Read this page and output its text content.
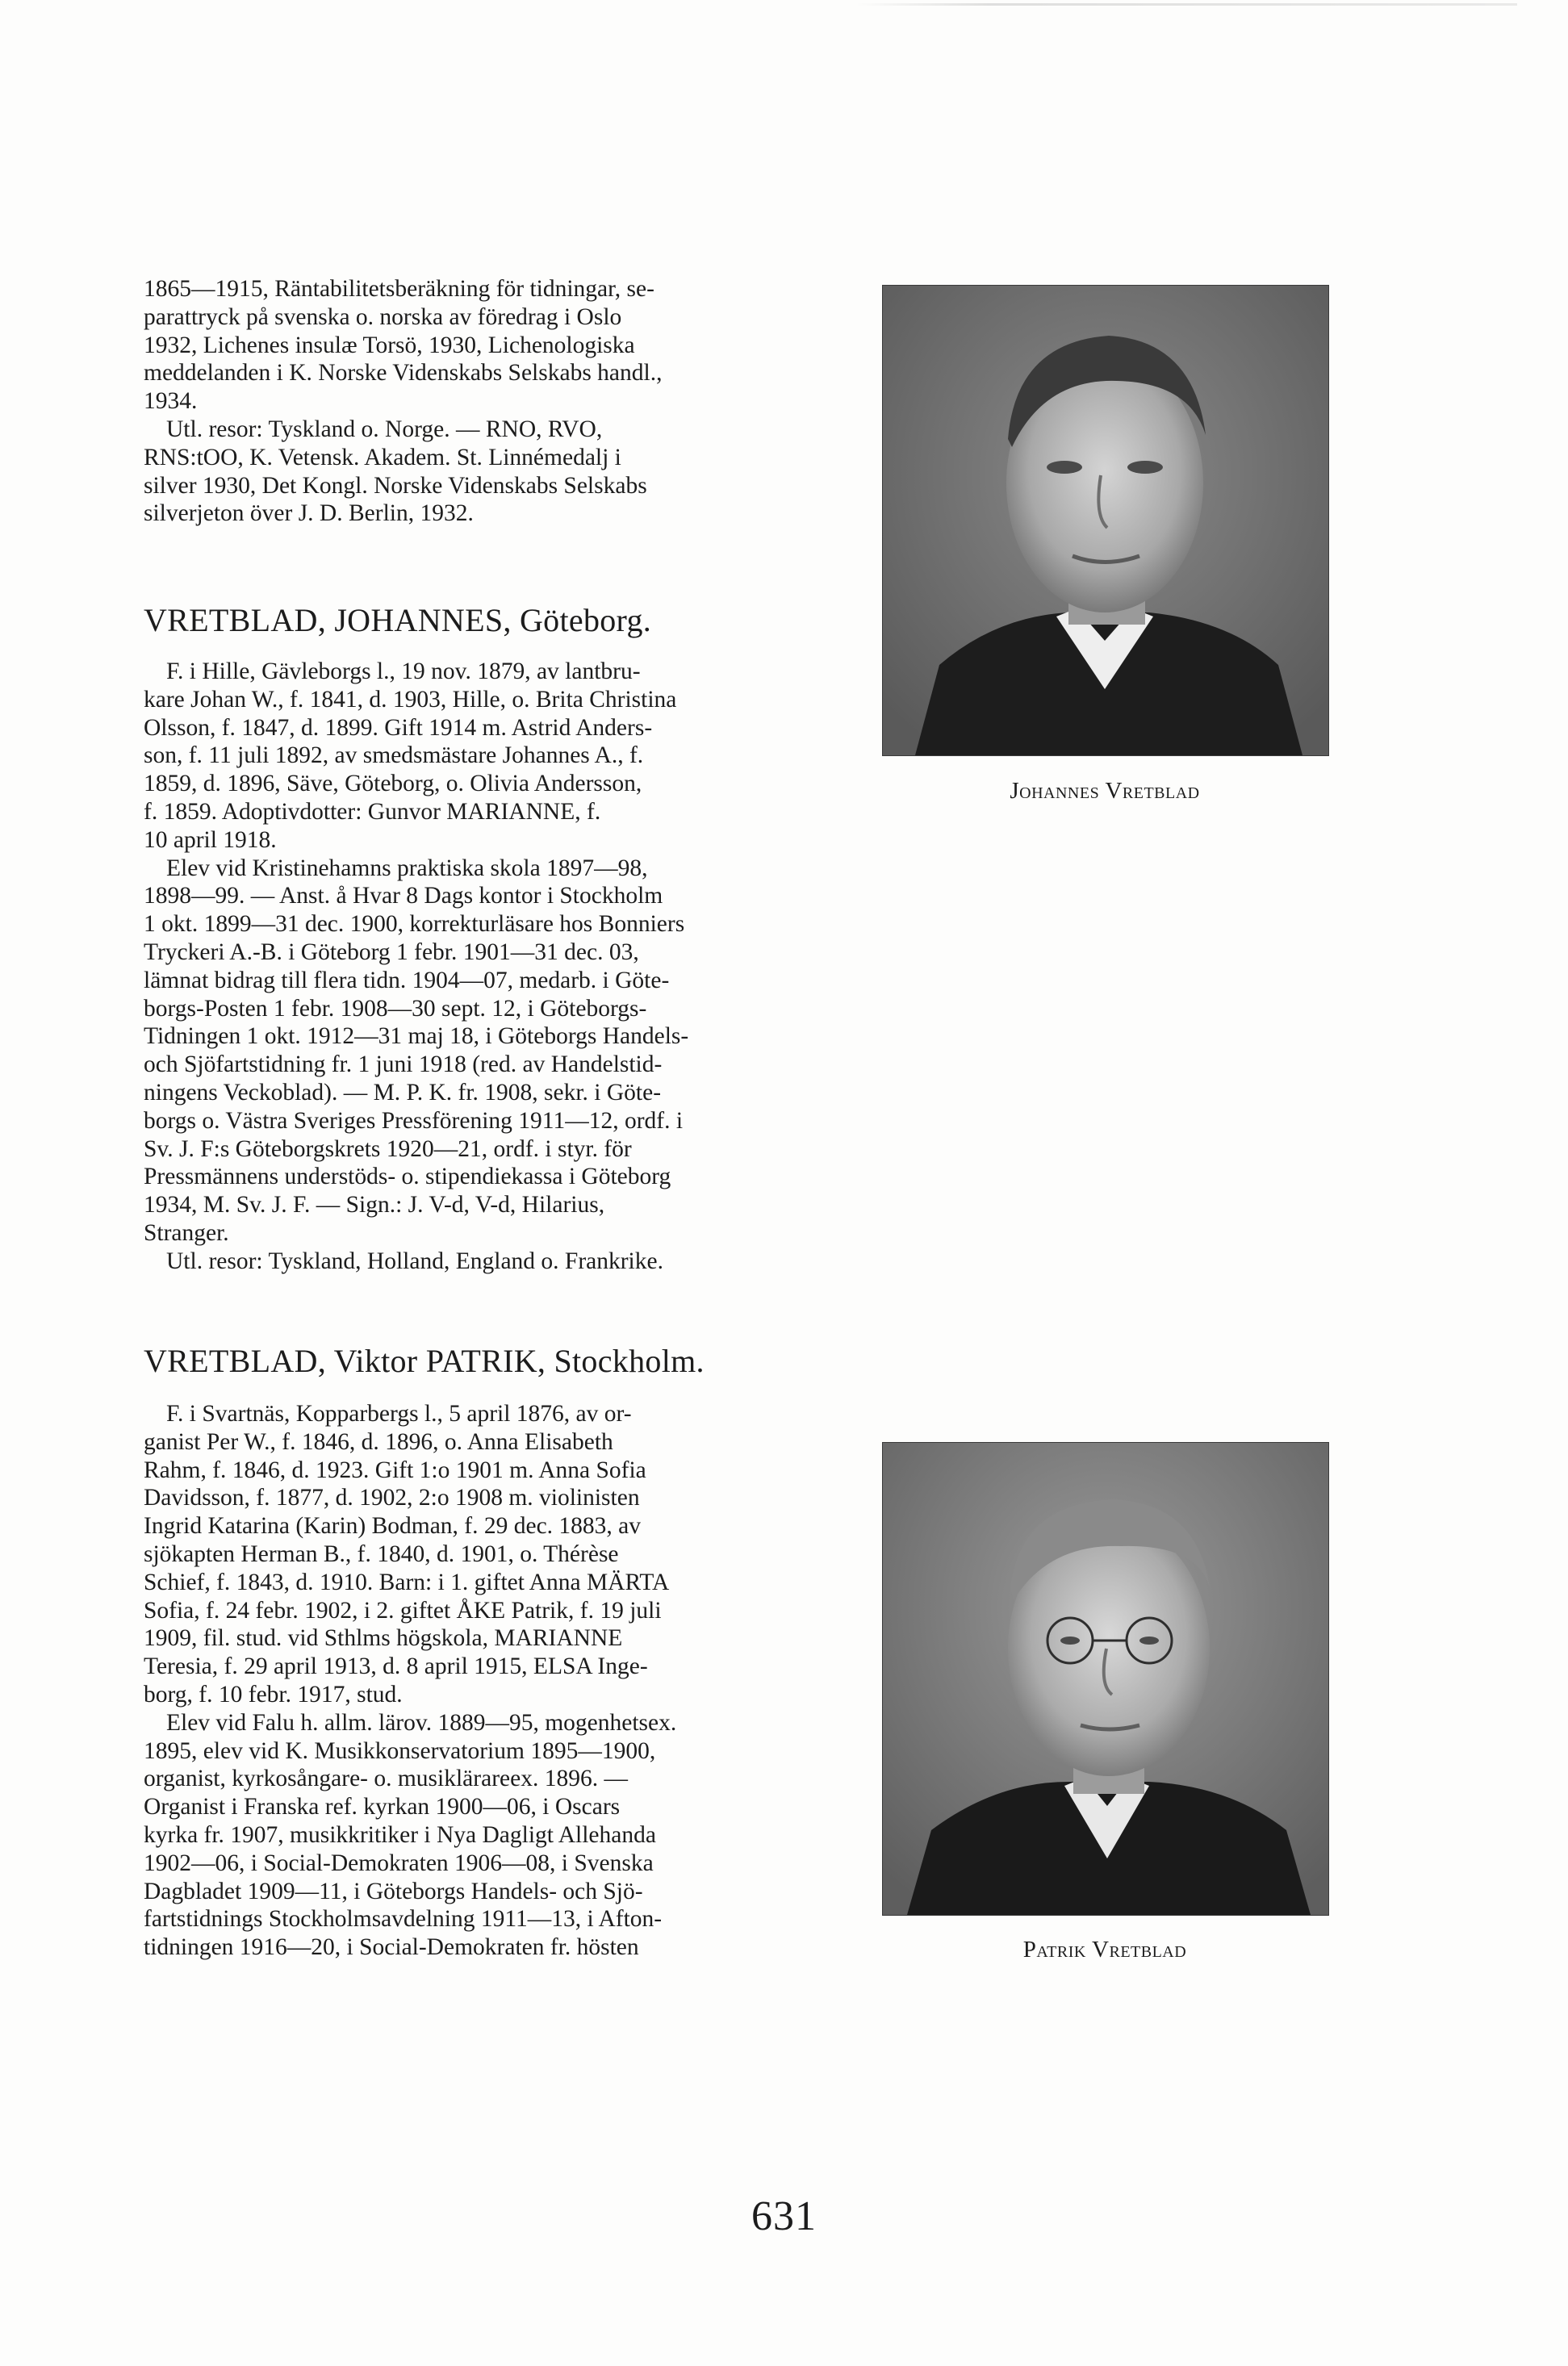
1865—1915, Räntabilitetsberäkning för tidningar, se-
parattryck på svenska o. norska av föredrag i Oslo
1932, Lichenes insulæ Torsö, 1930, Lichenologiska
meddelanden i K. Norske Videnskabs Selskabs handl.,
1934.

Utl. resor: Tyskland o. Norge. — RNO, RVO,
RNS:tOO, K. Vetensk. Akadem. St. Linnémedalj i
silver 1930, Det Kongl. Norske Videnskabs Selskabs
silverjeton över J. D. Berlin, 1932.

VRETBLAD, JOHANNES, Göteborg.

F. i Hille, Gävleborgs l., 19 nov. 1879, av lantbru-
kare Johan W., f. 1841, d. 1903, Hille, o. Brita Christina
Olsson, f. 1847, d. 1899. Gift 1914 m. Astrid Anders-
son, f. 11 juli 1892, av smedsmästare Johannes A., f.
1859, d. 1896, Säve, Göteborg, o. Olivia Andersson,
f. 1859. Adoptivdotter: Gunvor MARIANNE, f.
10 april 1918.

Elev vid Kristinehamns praktiska skola 1897—98,
1898—99. — Anst. å Hvar 8 Dags kontor i Stockholm
1 okt. 1899—31 dec. 1900, korrekturläsare hos Bonniers
Tryckeri A.-B. i Göteborg 1 febr. 1901—31 dec. 03,
lämnat bidrag till flera tidn. 1904—07, medarb. i Göte-
borgs-Posten 1 febr. 1908—30 sept. 12, i Göteborgs-
Tidningen 1 okt. 1912—31 maj 18, i Göteborgs Handels-
och Sjöfartstidning fr. 1 juni 1918 (red. av Handelstid-
ningens Veckoblad). — M. P. K. fr. 1908, sekr. i Göte-
borgs o. Västra Sveriges Pressförening 1911—12, ordf. i
Sv. J. F:s Göteborgskrets 1920—21, ordf. i styr. för
Pressmännens understöds- o. stipendiekassa i Göteborg
1934, M. Sv. J. F. — Sign.: J. V-d, V-d, Hilarius,
Stranger.

Utl. resor: Tyskland, Holland, England o. Frankrike.

Johannes Vretblad
VRETBLAD, Viktor PATRIK, Stockholm.

F. i Svartnäs, Kopparbergs l., 5 april 1876, av or-
ganist Per W., f. 1846, d. 1896, o. Anna Elisabeth
Rahm, f. 1846, d. 1923. Gift 1:o 1901 m. Anna Sofia
Davidsson, f. 1877, d. 1902, 2:o 1908 m. violinisten
Ingrid Katarina (Karin) Bodman, f. 29 dec. 1883, av
sjökapten Herman B., f. 1840, d. 1901, o. Thérèse
Schief, f. 1843, d. 1910. Barn: i 1. giftet Anna MÄRTA
Sofia, f. 24 febr. 1902, i 2. giftet ÅKE Patrik, f. 19 juli
1909, fil. stud. vid Sthlms högskola, MARIANNE
Teresia, f. 29 april 1913, d. 8 april 1915, ELSA Inge-
borg, f. 10 febr. 1917, stud.

Elev vid Falu h. allm. lärov. 1889—95, mogenhetsex.
1895, elev vid K. Musikkonservatorium 1895—1900,
organist, kyrkosångare- o. musiklärareex. 1896. —
Organist i Franska ref. kyrkan 1900—06, i Oscars
kyrka fr. 1907, musikkritiker i Nya Dagligt Allehanda
1902—06, i Social-Demokraten 1906—08, i Svenska
Dagbladet 1909—11, i Göteborgs Handels- och Sjö-
fartstidnings Stockholmsavdelning 1911—13, i Afton-
tidningen 1916—20, i Social-Demokraten fr. hösten	Patrik Vretblad
631
